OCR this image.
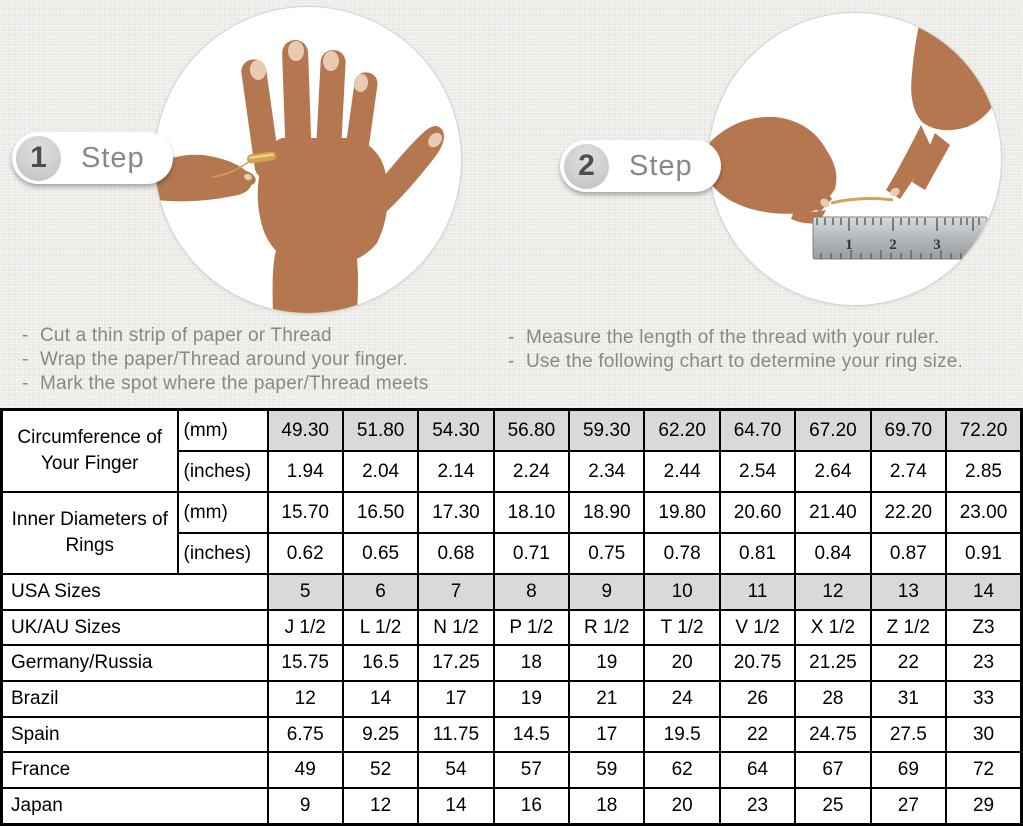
1 2 3
1	Step	2	Step
- Cut a thin strip of paper or Thread
- Wrap the paper/Thread around your finger.
- Mark the spot where the paper/Thread meets
- Measure the length of the thread with your ruler.
- Use the following chart to determine your ring size.
Circumference of Your Finger	(mm)	49.30	51.80	54.30	56.80	59.30	62.20	64.70	67.20	69.70	72.20
	(inches)	1.94	2.04	2.14	2.24	2.34	2.44	2.54	2.64	2.74	2.85
Inner Diameters of Rings	(mm)	15.70	16.50	17.30	18.10	18.90	19.80	20.60	21.40	22.20	23.00
	(inches)	0.62	0.65	0.68	0.71	0.75	0.78	0.81	0.84	0.87	0.91
USA Sizes		5	6	7	8	9	10	11	12	13	14
UK/AU Sizes		J 1/2	L 1/2	N 1/2	P 1/2	R 1/2	T 1/2	V 1/2	X 1/2	Z 1/2	Z3
Germany/Russia		15.75	16.5	17.25	18	19	20	20.75	21.25	22	23
Brazil		12	14	17	19	21	24	26	28	31	33
Spain		6.75	9.25	11.75	14.5	17	19.5	22	24.75	27.5	30
France		49	52	54	57	59	62	64	67	69	72
Japan		9	12	14	16	18	20	23	25	27	29
